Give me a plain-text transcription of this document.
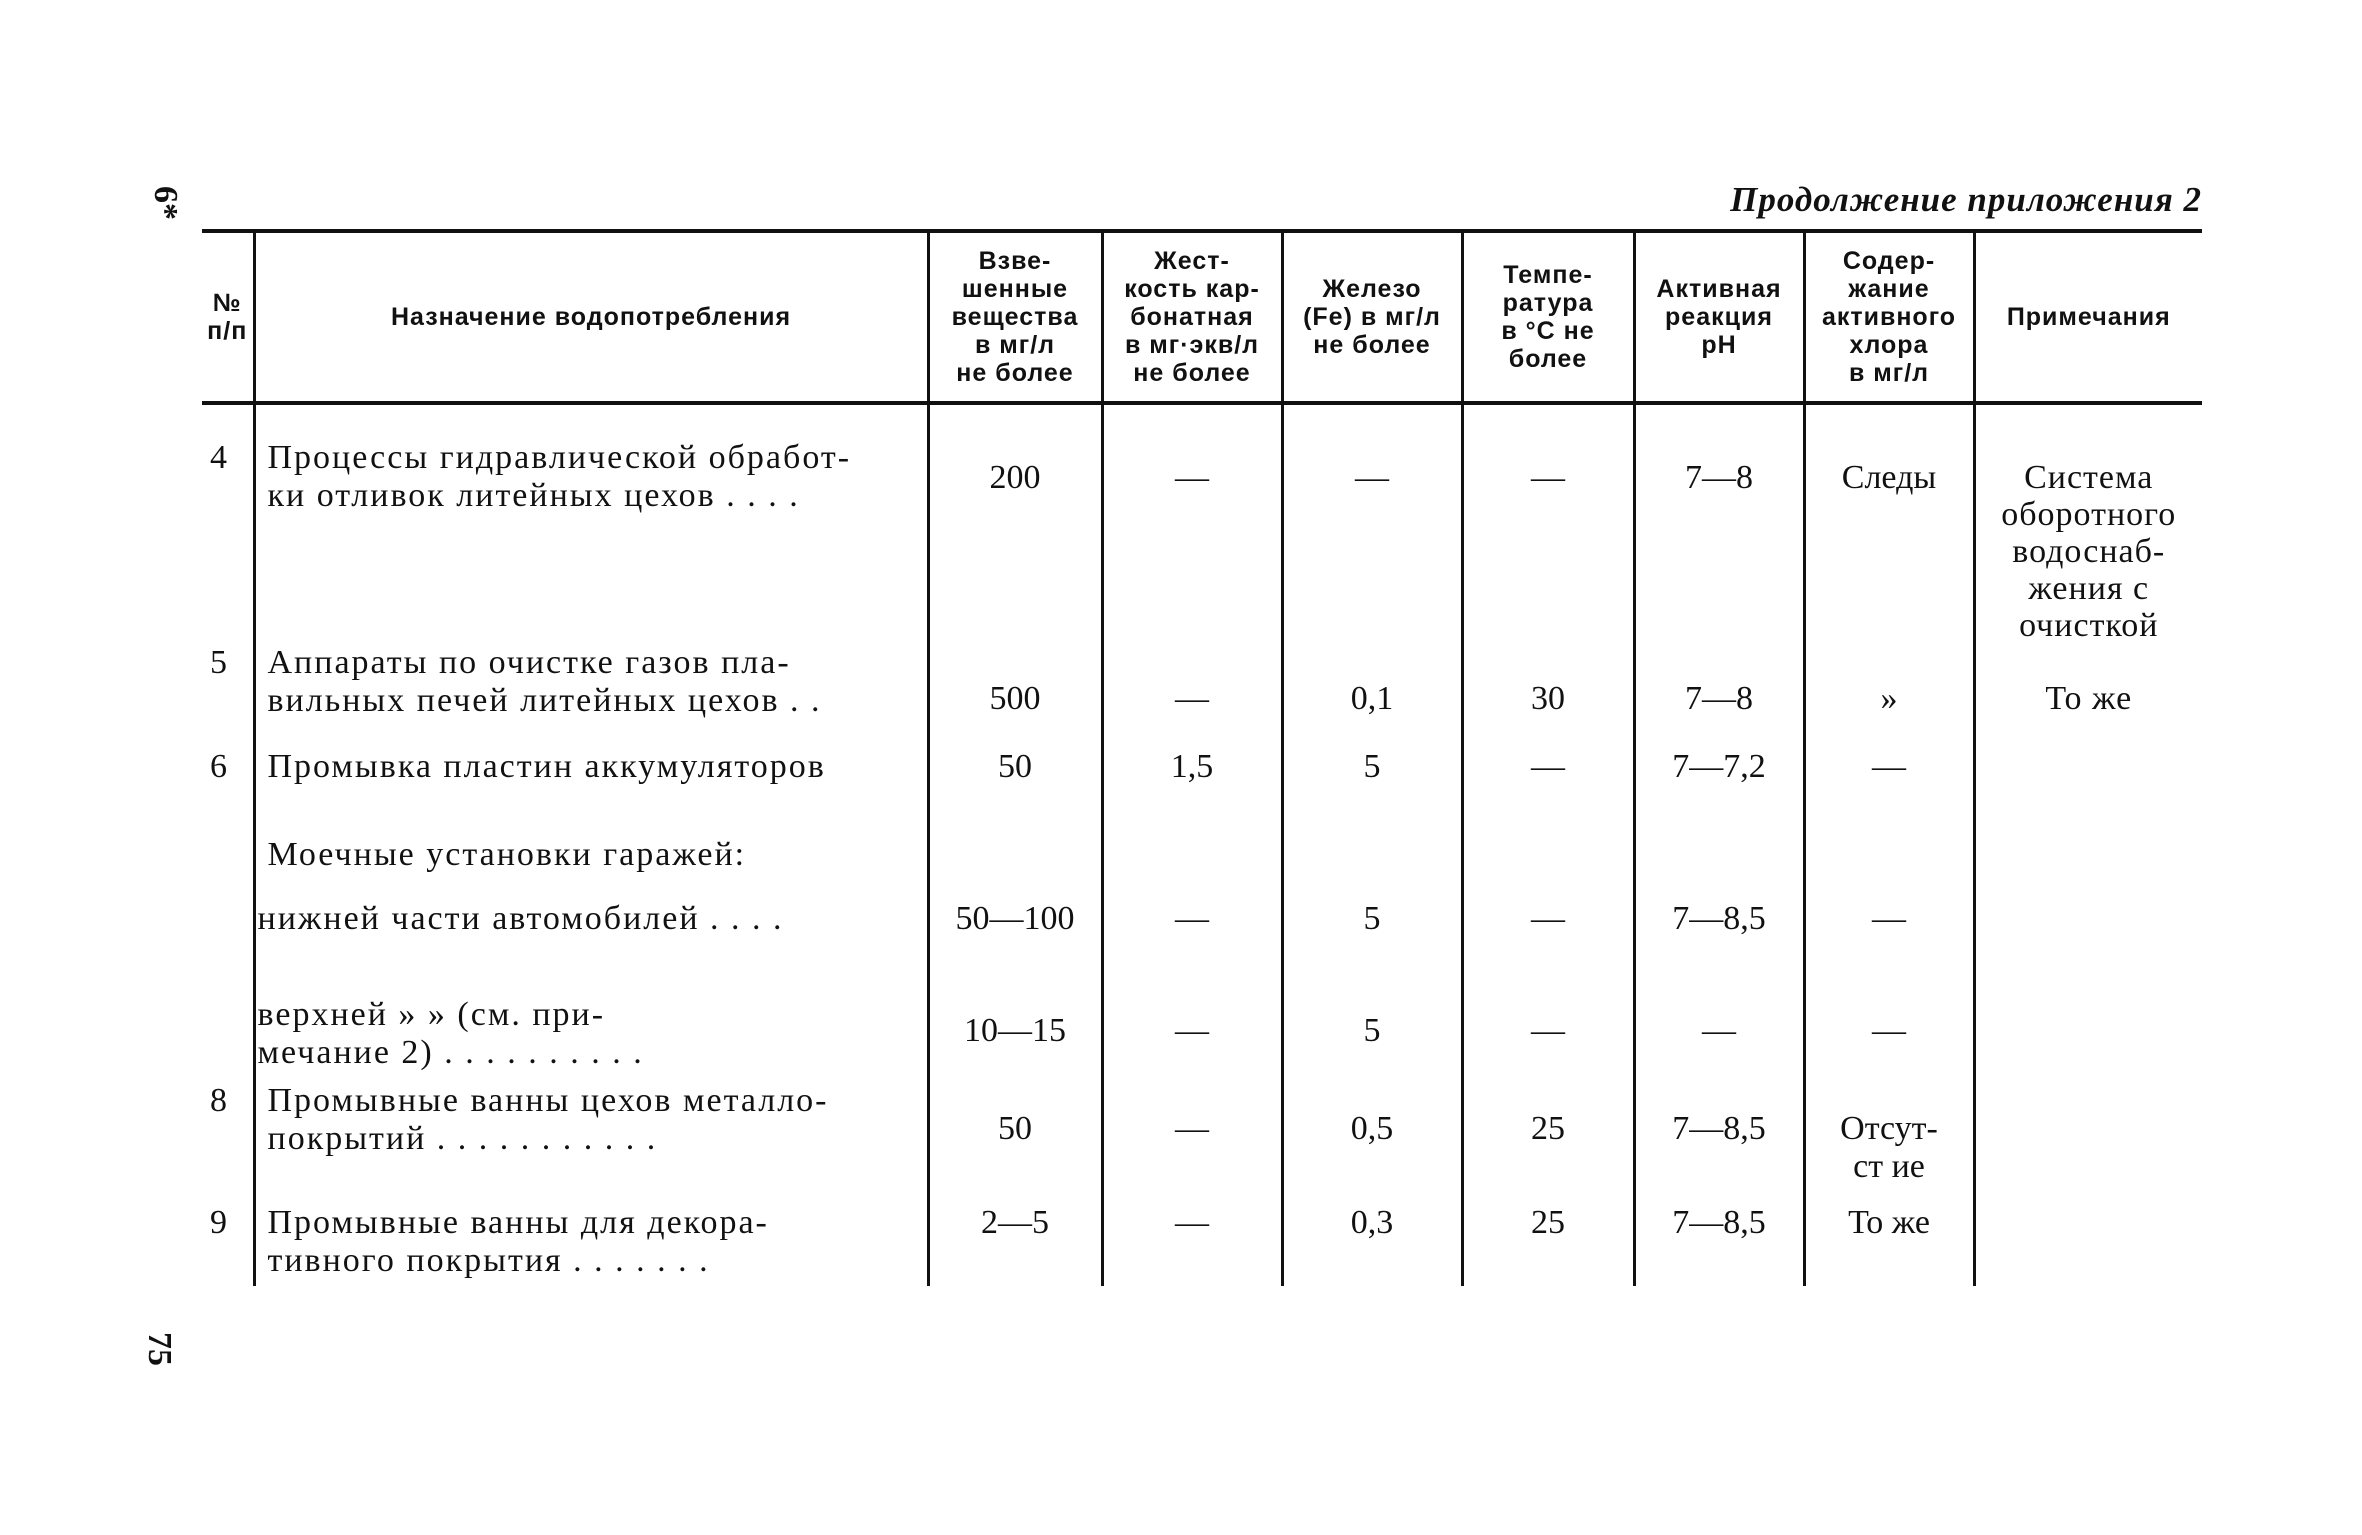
6*
75
Продолжение приложения 2
№
п/п	Назначение водопотребления	Взве-
шенные
вещества
в мг/л
не более	Жест-
кость кар-
бонатная
в мг·экв/л
не более	Железо
(Fe) в мг/л
не более	Темпе-
ратура
в °С не
более	Активная
реакция
pH	Содер-
жание
активного
хлора
в мг/л	Примечания
4	Процессы гидравлической обработ-
ки отливок литейных цехов . . . .	200	—	—	—	7—8	Следы	Система
оборотного
водоснаб-
жения с
очисткой
5	Аппараты по очистке газов пла-
вильных печей литейных цехов . .	500	—	0,1	30	7—8	»	То же
6	Промывка пластин аккумуляторов	50	1,5	5	—	7—7,2	—	
	Моечные установки гаражей:							
	нижней части автомобилей . . . .	50—100	—	5	—	7—8,5	—	
	верхней » » (см. при-
мечание 2) . . . . . . . . . .	10—15	—	5	—	—	—	
8	Промывные ванны цехов металло-
покрытий . . . . . . . . . . .	50	—	0,5	25	7—8,5	Отсут-
ст ие	
9	Промывные ванны для декора-
тивного покрытия . . . . . . .	2—5	—	0,3	25	7—8,5	То же	
